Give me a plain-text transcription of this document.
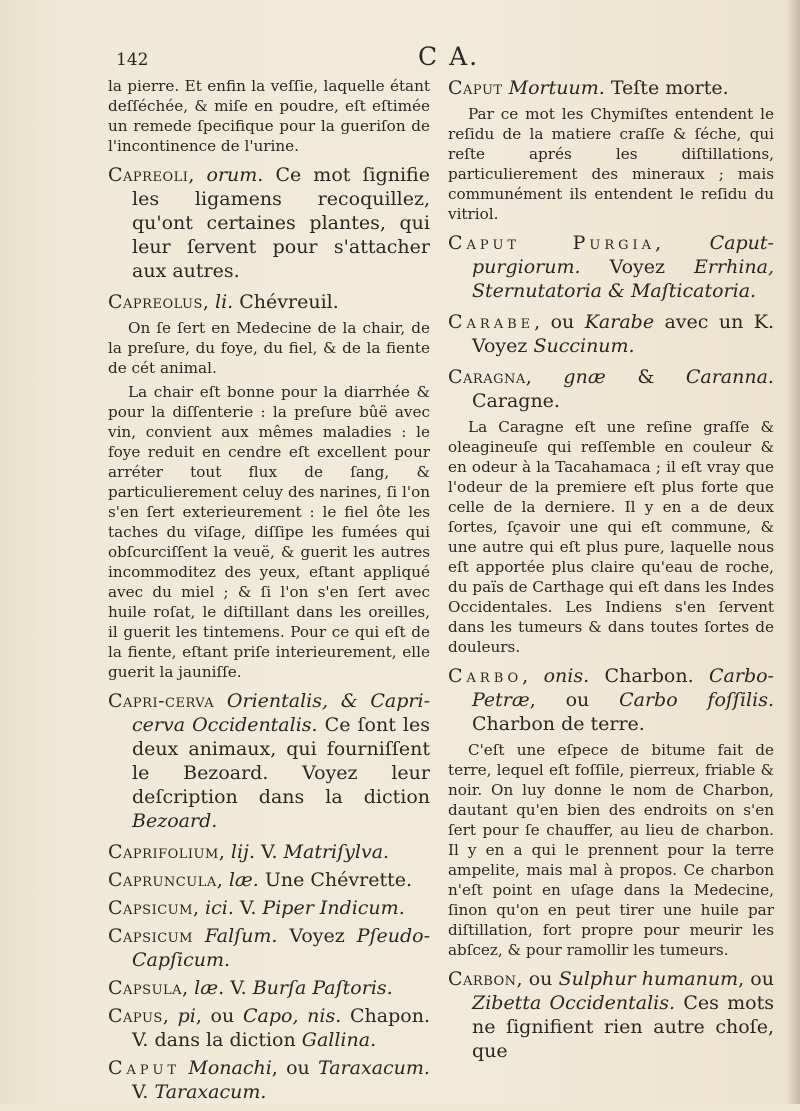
142	C A.

la pierre. Et enfin la veſſie, laquelle étant deſſéchée, & miſe en poudre, eſt eſtimée un remede ſpecifique pour la gueriſon de l'incontinence de l'urine.

Capreoli, orum. Ce mot ſignifie les ligamens recoquillez, qu'ont certaines plantes, qui leur ſervent pour s'attacher aux autres.

Capreolus, li. Chévreuil.

On ſe ſert en Medecine de la chair, de la preſure, du foye, du fiel, & de la fiente de cét animal.

La chair eſt bonne pour la diarrhée & pour la diſſenterie : la preſure bûë avec vin, convient aux mêmes maladies : le foye reduit en cendre eſt excellent pour arréter tout flux de ſang, & particulierement celuy des narines, ſi l'on s'en ſert exterieurement : le fiel ôte les taches du viſage, diſſipe les fumées qui obſcurciſſent la veuë, & guerit les autres incommoditez des yeux, eſtant appliqué avec du miel ; & ſi l'on s'en ſert avec huile roſat, le diſtillant dans les oreilles, il guerit les tintemens. Pour ce qui eſt de la fiente, eſtant priſe interieurement, elle guerit la jauniſſe.

Capri-cerva Orientalis, & Capri-cerva Occidentalis. Ce ſont les deux animaux, qui fourniſſent le Bezoard. Voyez leur deſcription dans la diction Bezoard.

Caprifolium, lij. V. Matriſylva.

Capruncula, læ. Une Chévrette.

Capsicum, ici. V. Piper Indicum.

Capsicum Falſum. Voyez Pſeudo-Capſicum.

Capsula, læ. V. Burſa Paſtoris.

Capus, pi, ou Capo, nis. Chapon. V. dans la diction Gallina.

Caput Monachi, ou Taraxacum. V. Taraxacum.

Caput Mortuum. Teſte morte.

Par ce mot les Chymiſtes entendent le reſidu de la matiere craſſe & ſéche, qui reſte aprés les diſtillations, particulierement des mineraux ; mais communément ils entendent le reſidu du vitriol.

Caput Purgia, Caput-purgiorum. Voyez Errhina, Sternutatoria & Maſticatoria.

Carabe, ou Karabe avec un K. Voyez Succinum.

Caragna, gnæ & Caranna. Caragne.

La Caragne eſt une reſine graſſe & oleagineuſe qui reſſemble en couleur & en odeur à la Tacahamaca ; il eſt vray que l'odeur de la premiere eſt plus forte que celle de la derniere. Il y en a de deux ſortes, ſçavoir une qui eſt commune, & une autre qui eſt plus pure, laquelle nous eſt apportée plus claire qu'eau de roche, du païs de Carthage qui eſt dans les Indes Occidentales. Les Indiens s'en ſervent dans les tumeurs & dans toutes ſortes de douleurs.

Carbo, onis. Charbon. Carbo-Petræ, ou Carbo foſſilis. Charbon de terre.

C'eſt une eſpece de bitume fait de terre, lequel eſt foſſile, pierreux, friable & noir. On luy donne le nom de Charbon, dautant qu'en bien des endroits on s'en ſert pour ſe chauffer, au lieu de charbon. Il y en a qui le prennent pour la terre ampelite, mais mal à propos. Ce charbon n'eſt point en uſage dans la Medecine, ſinon qu'on en peut tirer une huile par diſtillation, fort propre pour meurir les abſcez, & pour ramollir les tumeurs.

Carbon, ou Sulphur humanum, ou Zibetta Occidentalis. Ces mots ne ſignifient rien autre choſe, que
